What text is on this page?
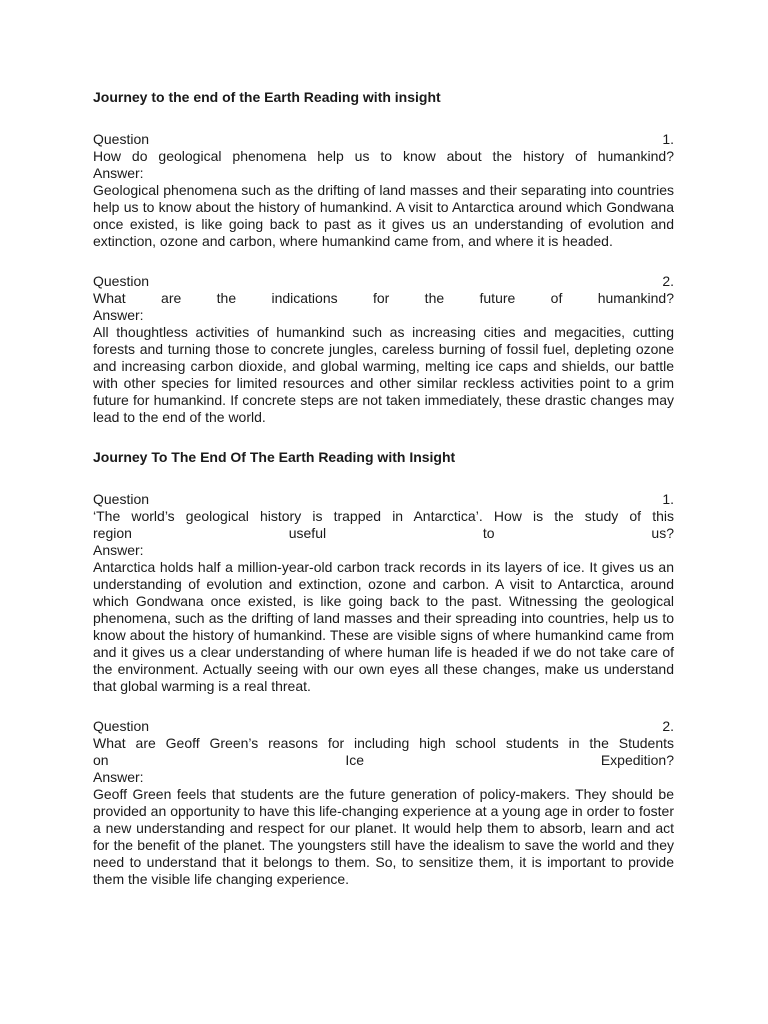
Journey to the end of the Earth Reading with insight
Question	1.
How do geological phenomena help us to know about the history of humankind?
Answer:

Geological phenomena such as the drifting of land masses and their separating into countries help us to know about the history of humankind. A visit to Antarctica around which Gondwana once existed, is like going back to past as it gives us an understanding of evolution and extinction, ozone and carbon, where humankind came from, and where it is headed.

Question	2.
What are the indications for the future of humankind?
Answer:

All thoughtless activities of humankind such as increasing cities and megacities, cutting forests and turning those to concrete jungles, careless burning of fossil fuel, depleting ozone and increasing carbon dioxide, and global warming, melting ice caps and shields, our battle with other species for limited resources and other similar reckless activities point to a grim future for humankind. If concrete steps are not taken immediately, these drastic changes may lead to the end of the world.

Journey To The End Of The Earth Reading with Insight
Question	1.
‘The world’s geological history is trapped in Antarctica’. How is the study of this
region useful to us?
Answer:

Antarctica holds half a million-year-old carbon track records in its layers of ice. It gives us an understanding of evolution and extinction, ozone and carbon. A visit to Antarctica, around which Gondwana once existed, is like going back to the past. Witnessing the geological phenomena, such as the drifting of land masses and their spreading into countries, help us to know about the history of humankind. These are visible signs of where humankind came from and it gives us a clear understanding of where human life is headed if we do not take care of the environment. Actually seeing with our own eyes all these changes, make us understand that global warming is a real threat.

Question	2.
What are Geoff Green’s reasons for including high school students in the Students
on Ice Expedition?
Answer:

Geoff Green feels that students are the future generation of policy-makers. They should be provided an opportunity to have this life-changing experience at a young age in order to foster a new understanding and respect for our planet. It would help them to absorb, learn and act for the benefit of the planet. The youngsters still have the idealism to save the world and they need to understand that it belongs to them. So, to sensitize them, it is important to provide them the visible life changing experience.
